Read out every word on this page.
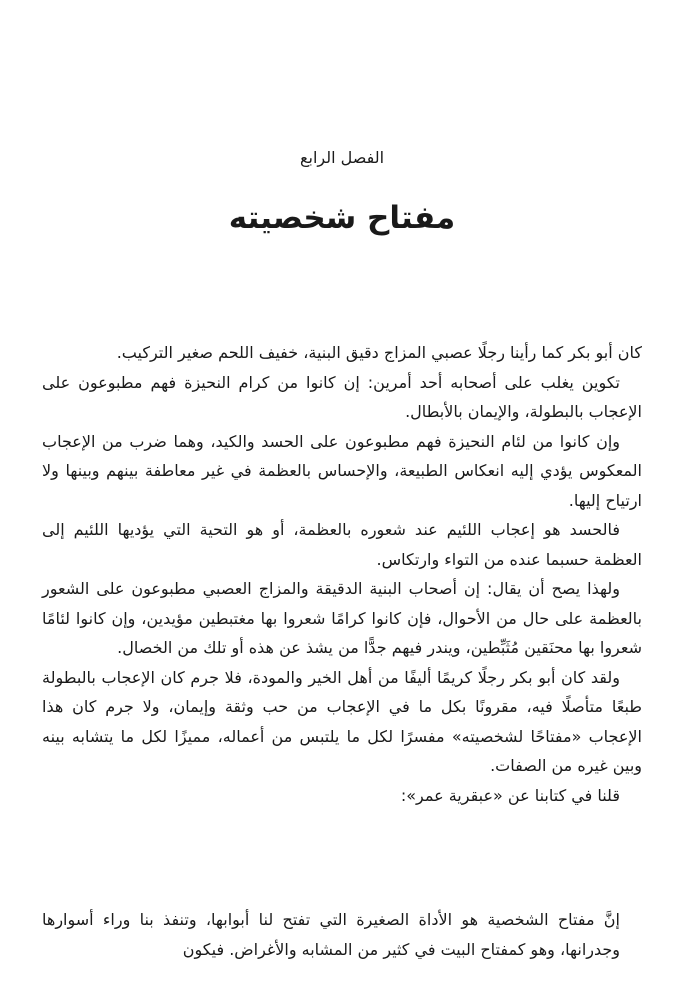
الفصل الرابع
مفتاح شخصيته

كان أبو بكر كما رأينا رجلًا عصبي المزاج دقيق البنية، خفيف اللحم صغير التركيب.

تكوين يغلب على أصحابه أحد أمرين: إن كانوا من كرام النحيزة فهم مطبوعون على الإعجاب بالبطولة، والإيمان بالأبطال.

وإن كانوا من لئام النحيزة فهم مطبوعون على الحسد والكيد، وهما ضرب من الإعجاب المعكوس يؤدي إليه انعكاس الطبيعة، والإحساس بالعظمة في غير معاطفة بينهم وبينها ولا ارتياح إليها.

فالحسد هو إعجاب اللئيم عند شعوره بالعظمة، أو هو التحية التي يؤديها اللئيم إلى العظمة حسبما عنده من التواء وارتكاس.

ولهذا يصح أن يقال: إن أصحاب البنية الدقيقة والمزاج العصبي مطبوعون على الشعور بالعظمة على حال من الأحوال، فإن كانوا كرامًا شعروا بها مغتبطين مؤيدين، وإن كانوا لئامًا شعروا بها محنَقين مُثَبِّطين، ويندر فيهم جدًّا من يشذ عن هذه أو تلك من الخصال.

ولقد كان أبو بكر رجلًا كريمًا أليفًا من أهل الخير والمودة، فلا جرم كان الإعجاب بالبطولة طبعًا متأصلًا فيه، مقرونًا بكل ما في الإعجاب من حب وثقة وإيمان، ولا جرم كان هذا الإعجاب «مفتاحًا لشخصيته» مفسرًا لكل ما يلتبس من أعماله، مميزًا لكل ما يتشابه بينه وبين غيره من الصفات.

قلنا في كتابنا عن «عبقرية عمر»:

إنَّ مفتاح الشخصية هو الأداة الصغيرة التي تفتح لنا أبوابها، وتنفذ بنا وراء أسوارها وجدرانها، وهو كمفتاح البيت في كثير من المشابه والأغراض. فيكون
